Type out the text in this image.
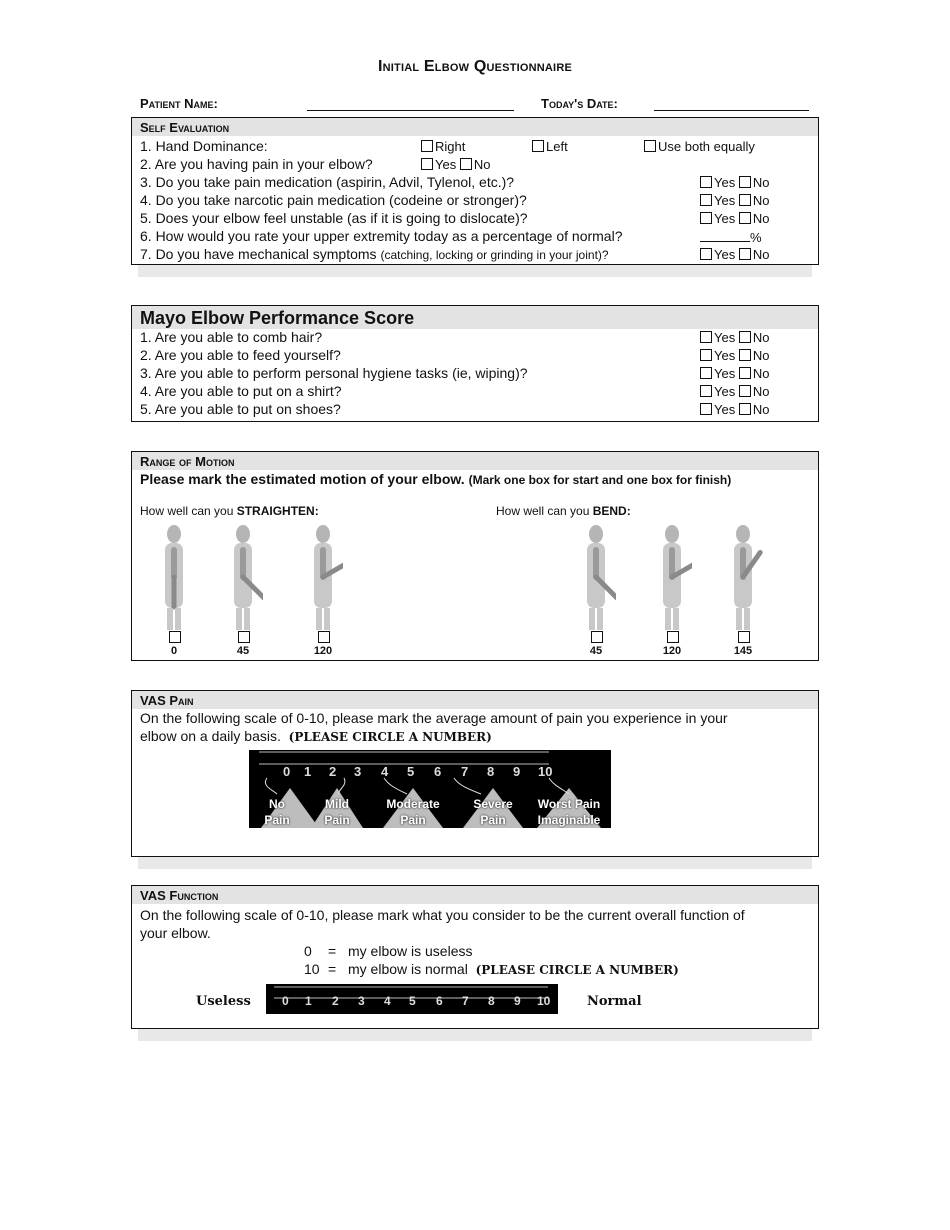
Initial Elbow Questionnaire
Patient Name:	Today's Date:
Self Evaluation
1. Hand Dominance:	Right	Left	Use both equally
2. Are you having pain in your elbow?	Yes No
3. Do you take pain medication (aspirin, Advil, Tylenol, etc.)?	Yes No
4. Do you take narcotic pain medication (codeine or stronger)?	Yes No
5. Does your elbow feel unstable (as if it is going to dislocate)?	Yes No
6. How would you rate your upper extremity today as a percentage of normal?	%
7. Do you have mechanical symptoms (catching, locking or grinding in your joint)?	Yes No
Mayo Elbow Performance Score
1. Are you able to comb hair?	Yes No
2. Are you able to feed yourself?	Yes No
3. Are you able to perform personal hygiene tasks (ie, wiping)?	Yes No
4. Are you able to put on a shirt?	Yes No
5. Are you able to put on shoes?	Yes No
Range of Motion
Please mark the estimated motion of your elbow. (Mark one box for start and one box for finish)
How well can you STRAIGHTEN:	How well can you BEND:
0	45	120	45	120	145
VAS Pain
On the following scale of 0-10, please mark the average amount of pain you experience in your
elbow on a daily basis. (PLEASE CIRCLE A NUMBER)
0 1 2 3 4 5 6 7 8 9 10
No
Pain
Mild
Pain
Moderate
Pain
Severe
Pain
Worst Pain
Imaginable
VAS Function
On the following scale of 0-10, please mark what you consider to be the current overall function of
your elbow.
0 = my elbow is useless
10 = my elbow is normal (PLEASE CIRCLE A NUMBER)
Useless	Normal
0 1 2 3 4 5 6 7 8 9 10
